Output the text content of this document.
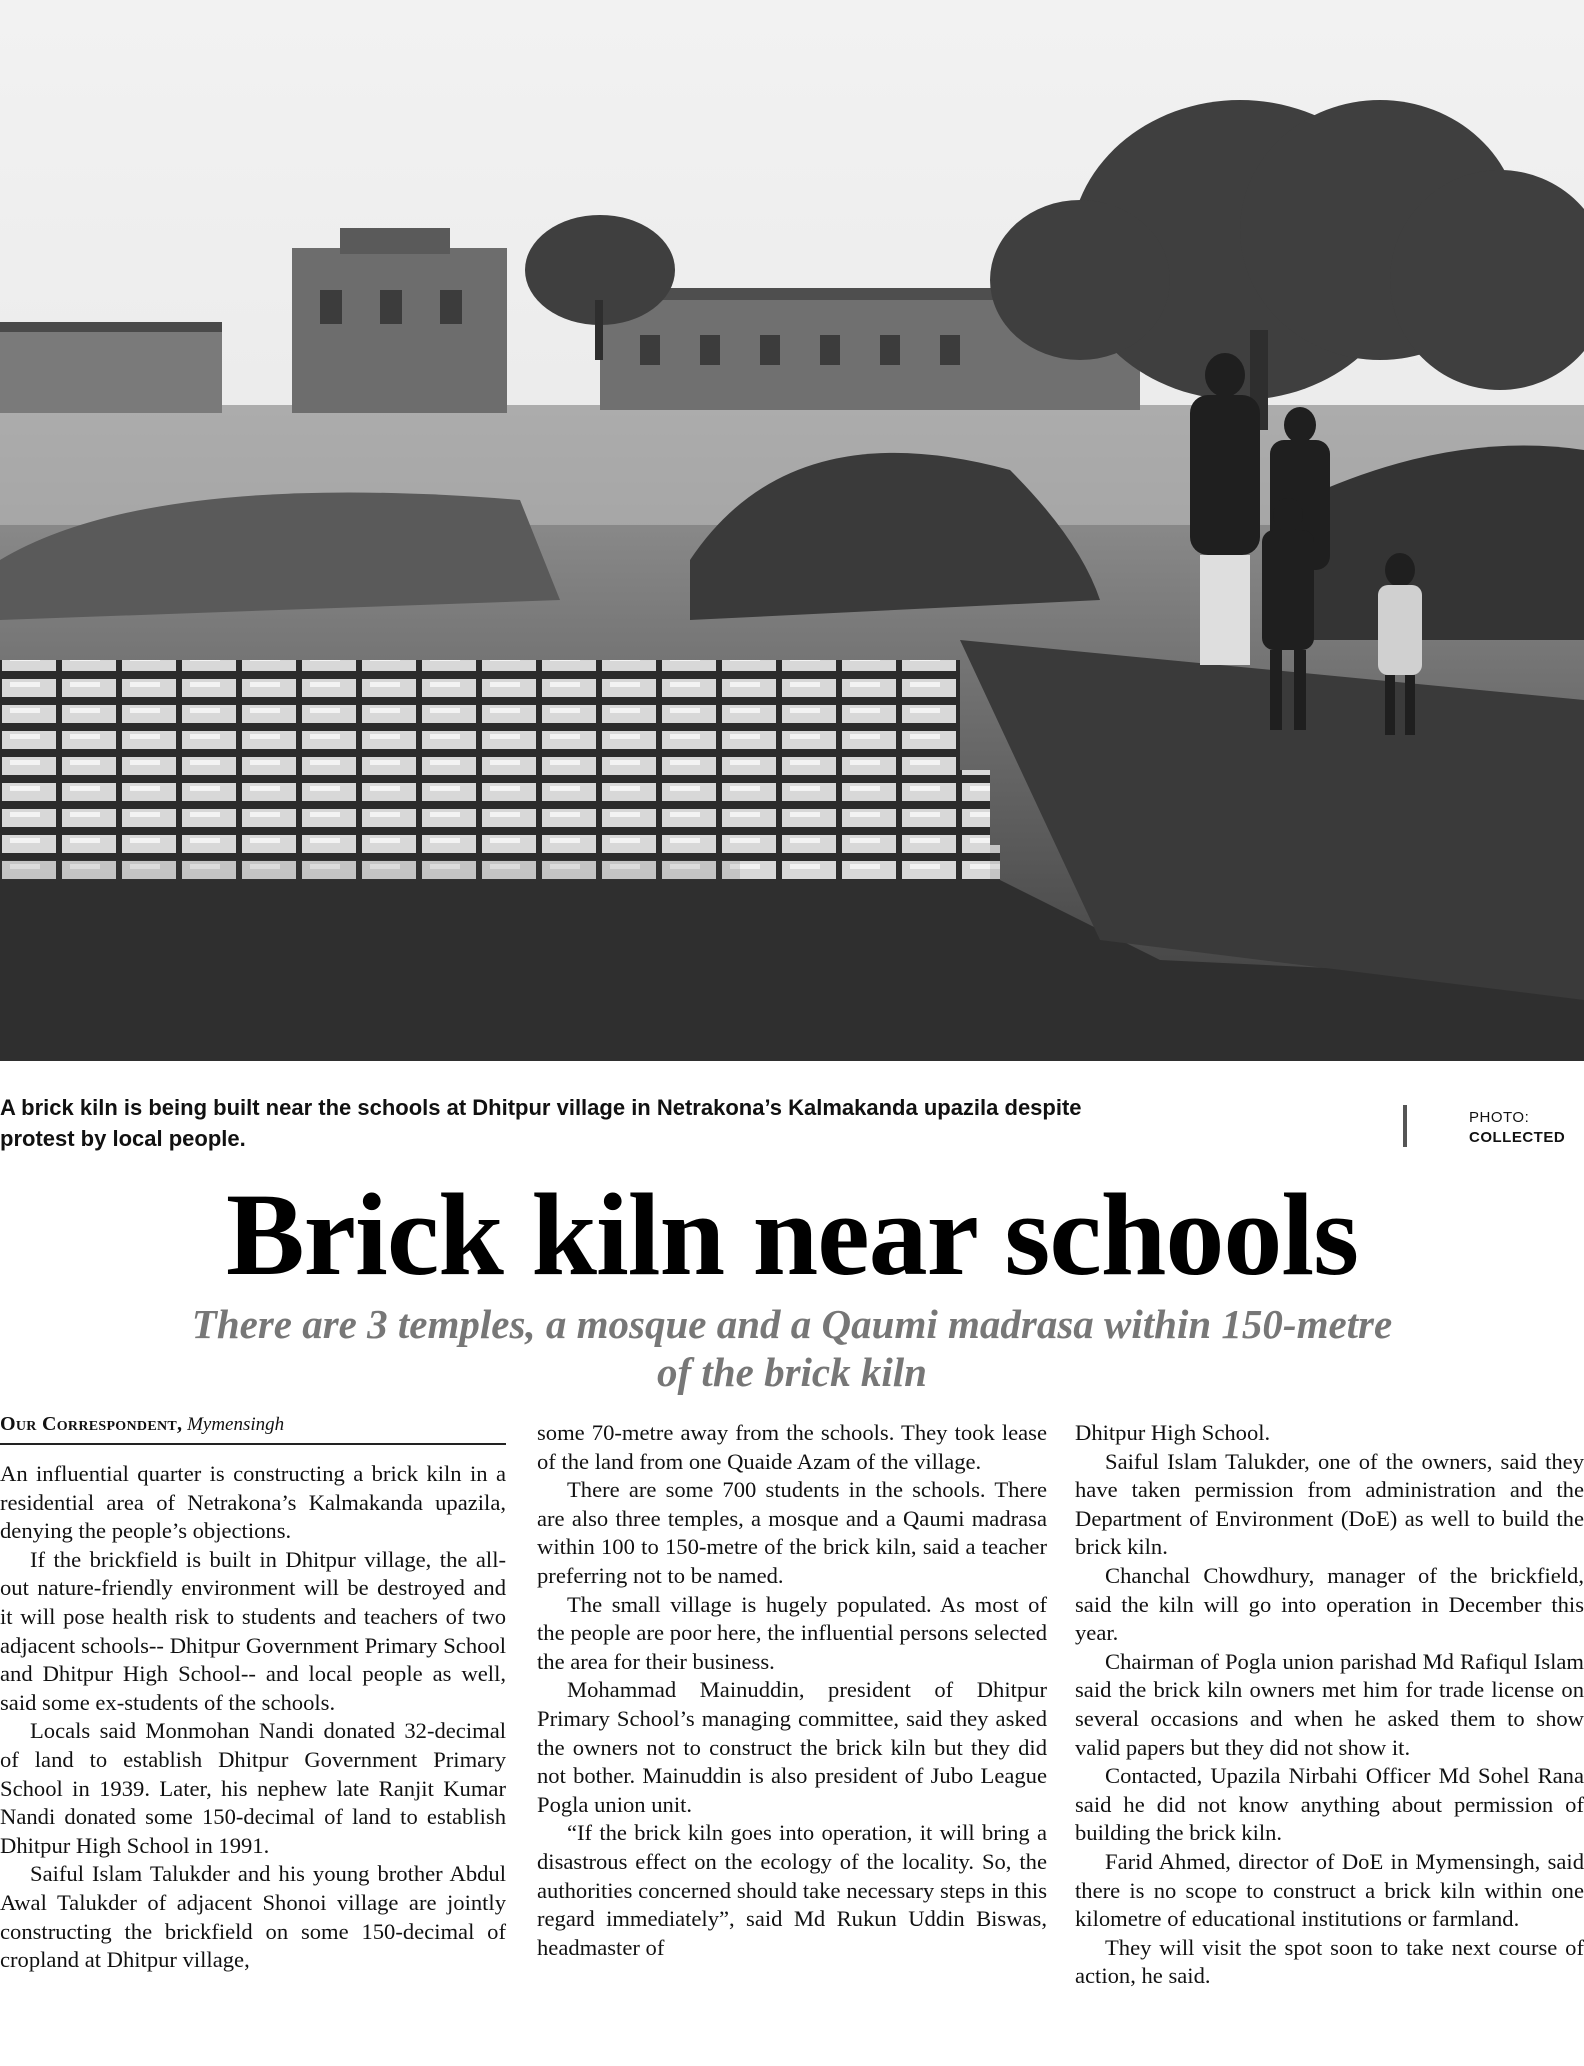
A brick kiln is being built near the schools at Dhitpur village in Netrakona’s Kalmakanda upazila despite protest by local people.
PHOTO:
COLLECTED
Brick kiln near schools
There are 3 temples, a mosque and a Qaumi madrasa within 150-metre of the brick kiln
Our Correspondent, Mymensingh

An influential quarter is constructing a brick kiln in a residential area of Netrakona’s Kalmakanda upazila, denying the people’s objections.

If the brickfield is built in Dhitpur village, the all-out nature-friendly environment will be destroyed and it will pose health risk to students and teachers of two adjacent schools-- Dhitpur Government Primary School and Dhitpur High School-- and local people as well, said some ex-students of the schools.

Locals said Monmohan Nandi donated 32-decimal of land to establish Dhitpur Government Primary School in 1939. Later, his nephew late Ranjit Kumar Nandi donated some 150-decimal of land to establish Dhitpur High School in 1991.

Saiful Islam Talukder and his young brother Abdul Awal Talukder of adjacent Shonoi village are jointly constructing the brickfield on some 150-decimal of cropland at Dhitpur village,

some 70-metre away from the schools. They took lease of the land from one Quaide Azam of the village.

There are some 700 students in the schools. There are also three temples, a mosque and a Qaumi madrasa within 100 to 150-metre of the brick kiln, said a teacher preferring not to be named.

The small village is hugely populated. As most of the people are poor here, the influential persons selected the area for their business.

Mohammad Mainuddin, president of Dhitpur Primary School’s managing committee, said they asked the owners not to construct the brick kiln but they did not bother. Mainuddin is also president of Jubo League Pogla union unit.

“If the brick kiln goes into operation, it will bring a disastrous effect on the ecology of the locality. So, the authorities concerned should take necessary steps in this regard immediately”, said Md Rukun Uddin Biswas, headmaster of

Dhitpur High School.

Saiful Islam Talukder, one of the owners, said they have taken permission from administration and the Department of Environment (DoE) as well to build the brick kiln.

Chanchal Chowdhury, manager of the brickfield, said the kiln will go into operation in December this year.

Chairman of Pogla union parishad Md Rafiqul Islam said the brick kiln owners met him for trade license on several occasions and when he asked them to show valid papers but they did not show it.

Contacted, Upazila Nirbahi Officer Md Sohel Rana said he did not know anything about permission of building the brick kiln.

Farid Ahmed, director of DoE in Mymensingh, said there is no scope to construct a brick kiln within one kilometre of educational institutions or farmland.

They will visit the spot soon to take next course of action, he said.
